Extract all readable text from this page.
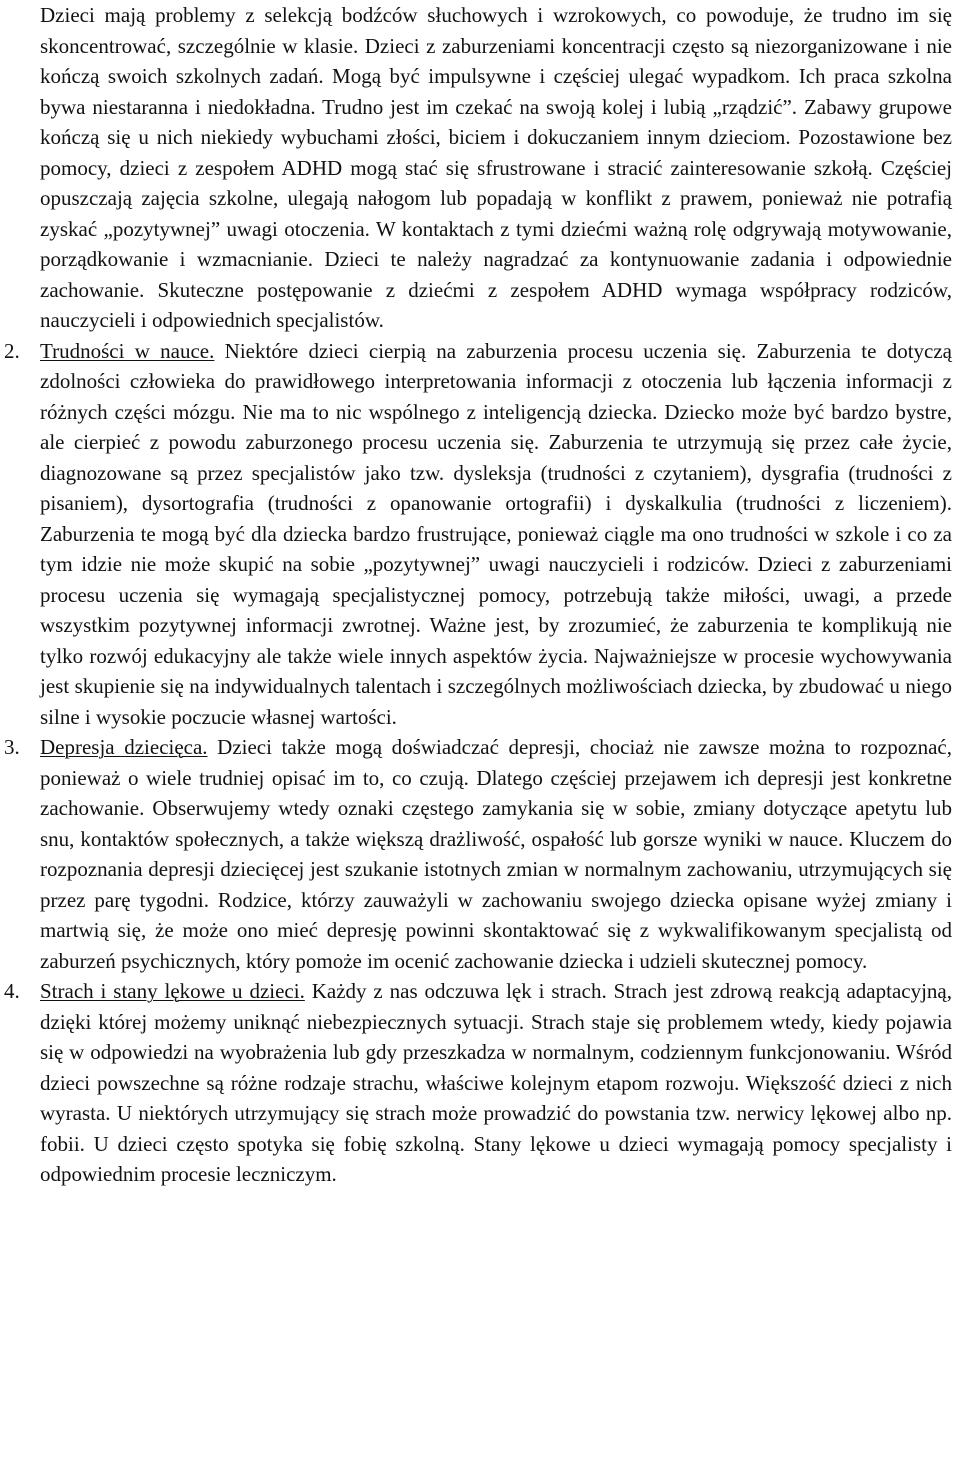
Dzieci mają problemy z selekcją bodźców słuchowych i wzrokowych, co powoduje, że trudno im się skoncentrować, szczególnie w klasie. Dzieci z zaburzeniami koncentracji często są niezorganizowane i nie kończą swoich szkolnych zadań. Mogą być impulsywne i częściej ulegać wypadkom. Ich praca szkolna bywa niestaranna i niedokładna. Trudno jest im czekać na swoją kolej i lubią „rządzić”. Zabawy grupowe kończą się u nich niekiedy wybuchami złości, biciem i dokuczaniem innym dzieciom. Pozostawione bez pomocy, dzieci z zespołem ADHD mogą stać się sfrustrowane i stracić zainteresowanie szkołą. Częściej opuszczają zajęcia szkolne, ulegają nałogom lub popadają w konflikt z prawem, ponieważ nie potrafią zyskać „pozytywnej” uwagi otoczenia. W kontaktach z tymi dziećmi ważną rolę odgrywają motywowanie, porządkowanie i wzmacnianie. Dzieci te należy nagradzać za kontynuowanie zadania i odpowiednie zachowanie. Skuteczne postępowanie z dziećmi z zespołem ADHD wymaga współpracy rodziców, nauczycieli i odpowiednich specjalistów.

2. Trudności w nauce. Niektóre dzieci cierpią na zaburzenia procesu uczenia się. Zaburzenia te dotyczą zdolności człowieka do prawidłowego interpretowania informacji z otoczenia lub łączenia informacji z różnych części mózgu. Nie ma to nic wspólnego z inteligencją dziecka. Dziecko może być bardzo bystre, ale cierpieć z powodu zaburzonego procesu uczenia się. Zaburzenia te utrzymują się przez całe życie, diagnozowane są przez specjalistów jako tzw. dysleksja (trudności z czytaniem), dysgrafia (trudności z pisaniem), dysortografia (trudności z opanowanie ortografii) i dyskalkulia (trudności z liczeniem). Zaburzenia te mogą być dla dziecka bardzo frustrujące, ponieważ ciągle ma ono trudności w szkole i co za tym idzie nie może skupić na sobie „pozytywnej” uwagi nauczycieli i rodziców. Dzieci z zaburzeniami procesu uczenia się wymagają specjalistycznej pomocy, potrzebują także miłości, uwagi, a przede wszystkim pozytywnej informacji zwrotnej. Ważne jest, by zrozumieć, że zaburzenia te komplikują nie tylko rozwój edukacyjny ale także wiele innych aspektów życia. Najważniejsze w procesie wychowywania jest skupienie się na indywidualnych talentach i szczególnych możliwościach dziecka, by zbudować u niego silne i wysokie poczucie własnej wartości.
3. Depresja dziecięca. Dzieci także mogą doświadczać depresji, chociaż nie zawsze można to rozpoznać, ponieważ o wiele trudniej opisać im to, co czują. Dlatego częściej przejawem ich depresji jest konkretne zachowanie. Obserwujemy wtedy oznaki częstego zamykania się w sobie, zmiany dotyczące apetytu lub snu, kontaktów społecznych, a także większą drażliwość, ospałość lub gorsze wyniki w nauce. Kluczem do rozpoznania depresji dziecięcej jest szukanie istotnych zmian w normalnym zachowaniu, utrzymujących się przez parę tygodni. Rodzice, którzy zauważyli w zachowaniu swojego dziecka opisane wyżej zmiany i martwią się, że może ono mieć depresję powinni skontaktować się z wykwalifikowanym specjalistą od zaburzeń psychicznych, który pomoże im ocenić zachowanie dziecka i udzieli skutecznej pomocy.
4. Strach i stany lękowe u dzieci. Każdy z nas odczuwa lęk i strach. Strach jest zdrową reakcją adaptacyjną, dzięki której możemy uniknąć niebezpiecznych sytuacji. Strach staje się problemem wtedy, kiedy pojawia się w odpowiedzi na wyobrażenia lub gdy przeszkadza w normalnym, codziennym funkcjonowaniu. Wśród dzieci powszechne są różne rodzaje strachu, właściwe kolejnym etapom rozwoju. Większość dzieci z nich wyrasta. U niektórych utrzymujący się strach może prowadzić do powstania tzw. nerwicy lękowej albo np. fobii. U dzieci często spotyka się fobię szkolną. Stany lękowe u dzieci wymagają pomocy specjalisty i odpowiednim procesie leczniczym.
